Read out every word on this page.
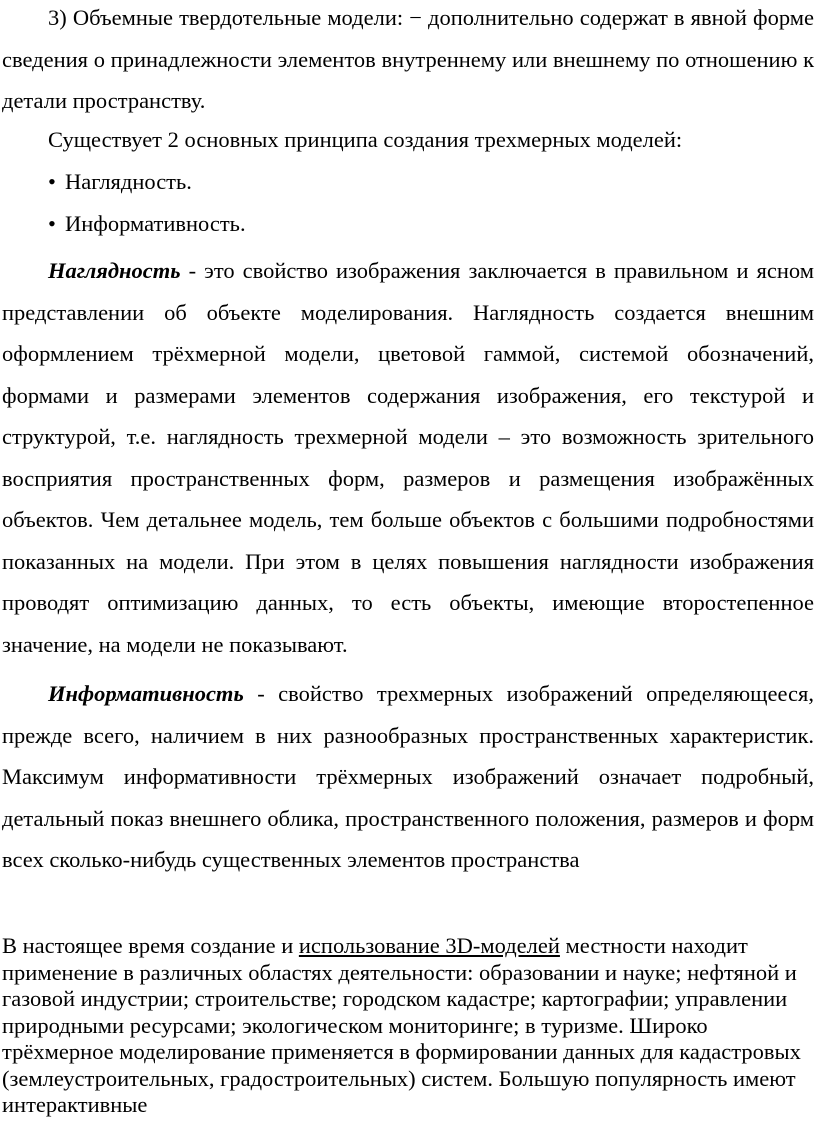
3) Объемные твердотельные модели: − дополнительно содержат в явной форме сведения о принадлежности элементов внутреннему или внешнему по отношению к детали пространству.

Существует 2 основных принципа создания трехмерных моделей:

• Наглядность.

• Информативность.

Наглядность - это свойство изображения заключается в правильном и ясном представлении об объекте моделирования. Наглядность создается внешним оформлением трёхмерной модели, цветовой гаммой, системой обозначений, формами и размерами элементов содержания изображения, его текстурой и структурой, т.е. наглядность трехмерной модели – это возможность зрительного восприятия пространственных форм, размеров и размещения изображённых объектов. Чем детальнее модель, тем больше объектов с большими подробностями показанных на модели. При этом в целях повышения наглядности изображения проводят оптимизацию данных, то есть объекты, имеющие второстепенное значение, на модели не показывают.

Информативность - свойство трехмерных изображений определяющееся, прежде всего, наличием в них разнообразных пространственных характеристик. Максимум информативности трёхмерных изображений означает подробный, детальный показ внешнего облика, пространственного положения, размеров и форм всех сколько-нибудь существенных элементов пространства

В настоящее время создание и использование 3D-моделей местности находит применение в различных областях деятельности: образовании и науке; нефтяной и газовой индустрии; строительстве; городском кадастре; картографии; управлении природными ресурсами; экологическом мониторинге; в туризме. Широко трёхмерное моделирование применяется в формировании данных для кадастровых (землеустроительных, градостроительных) систем. Большую популярность имеют интерактивные
